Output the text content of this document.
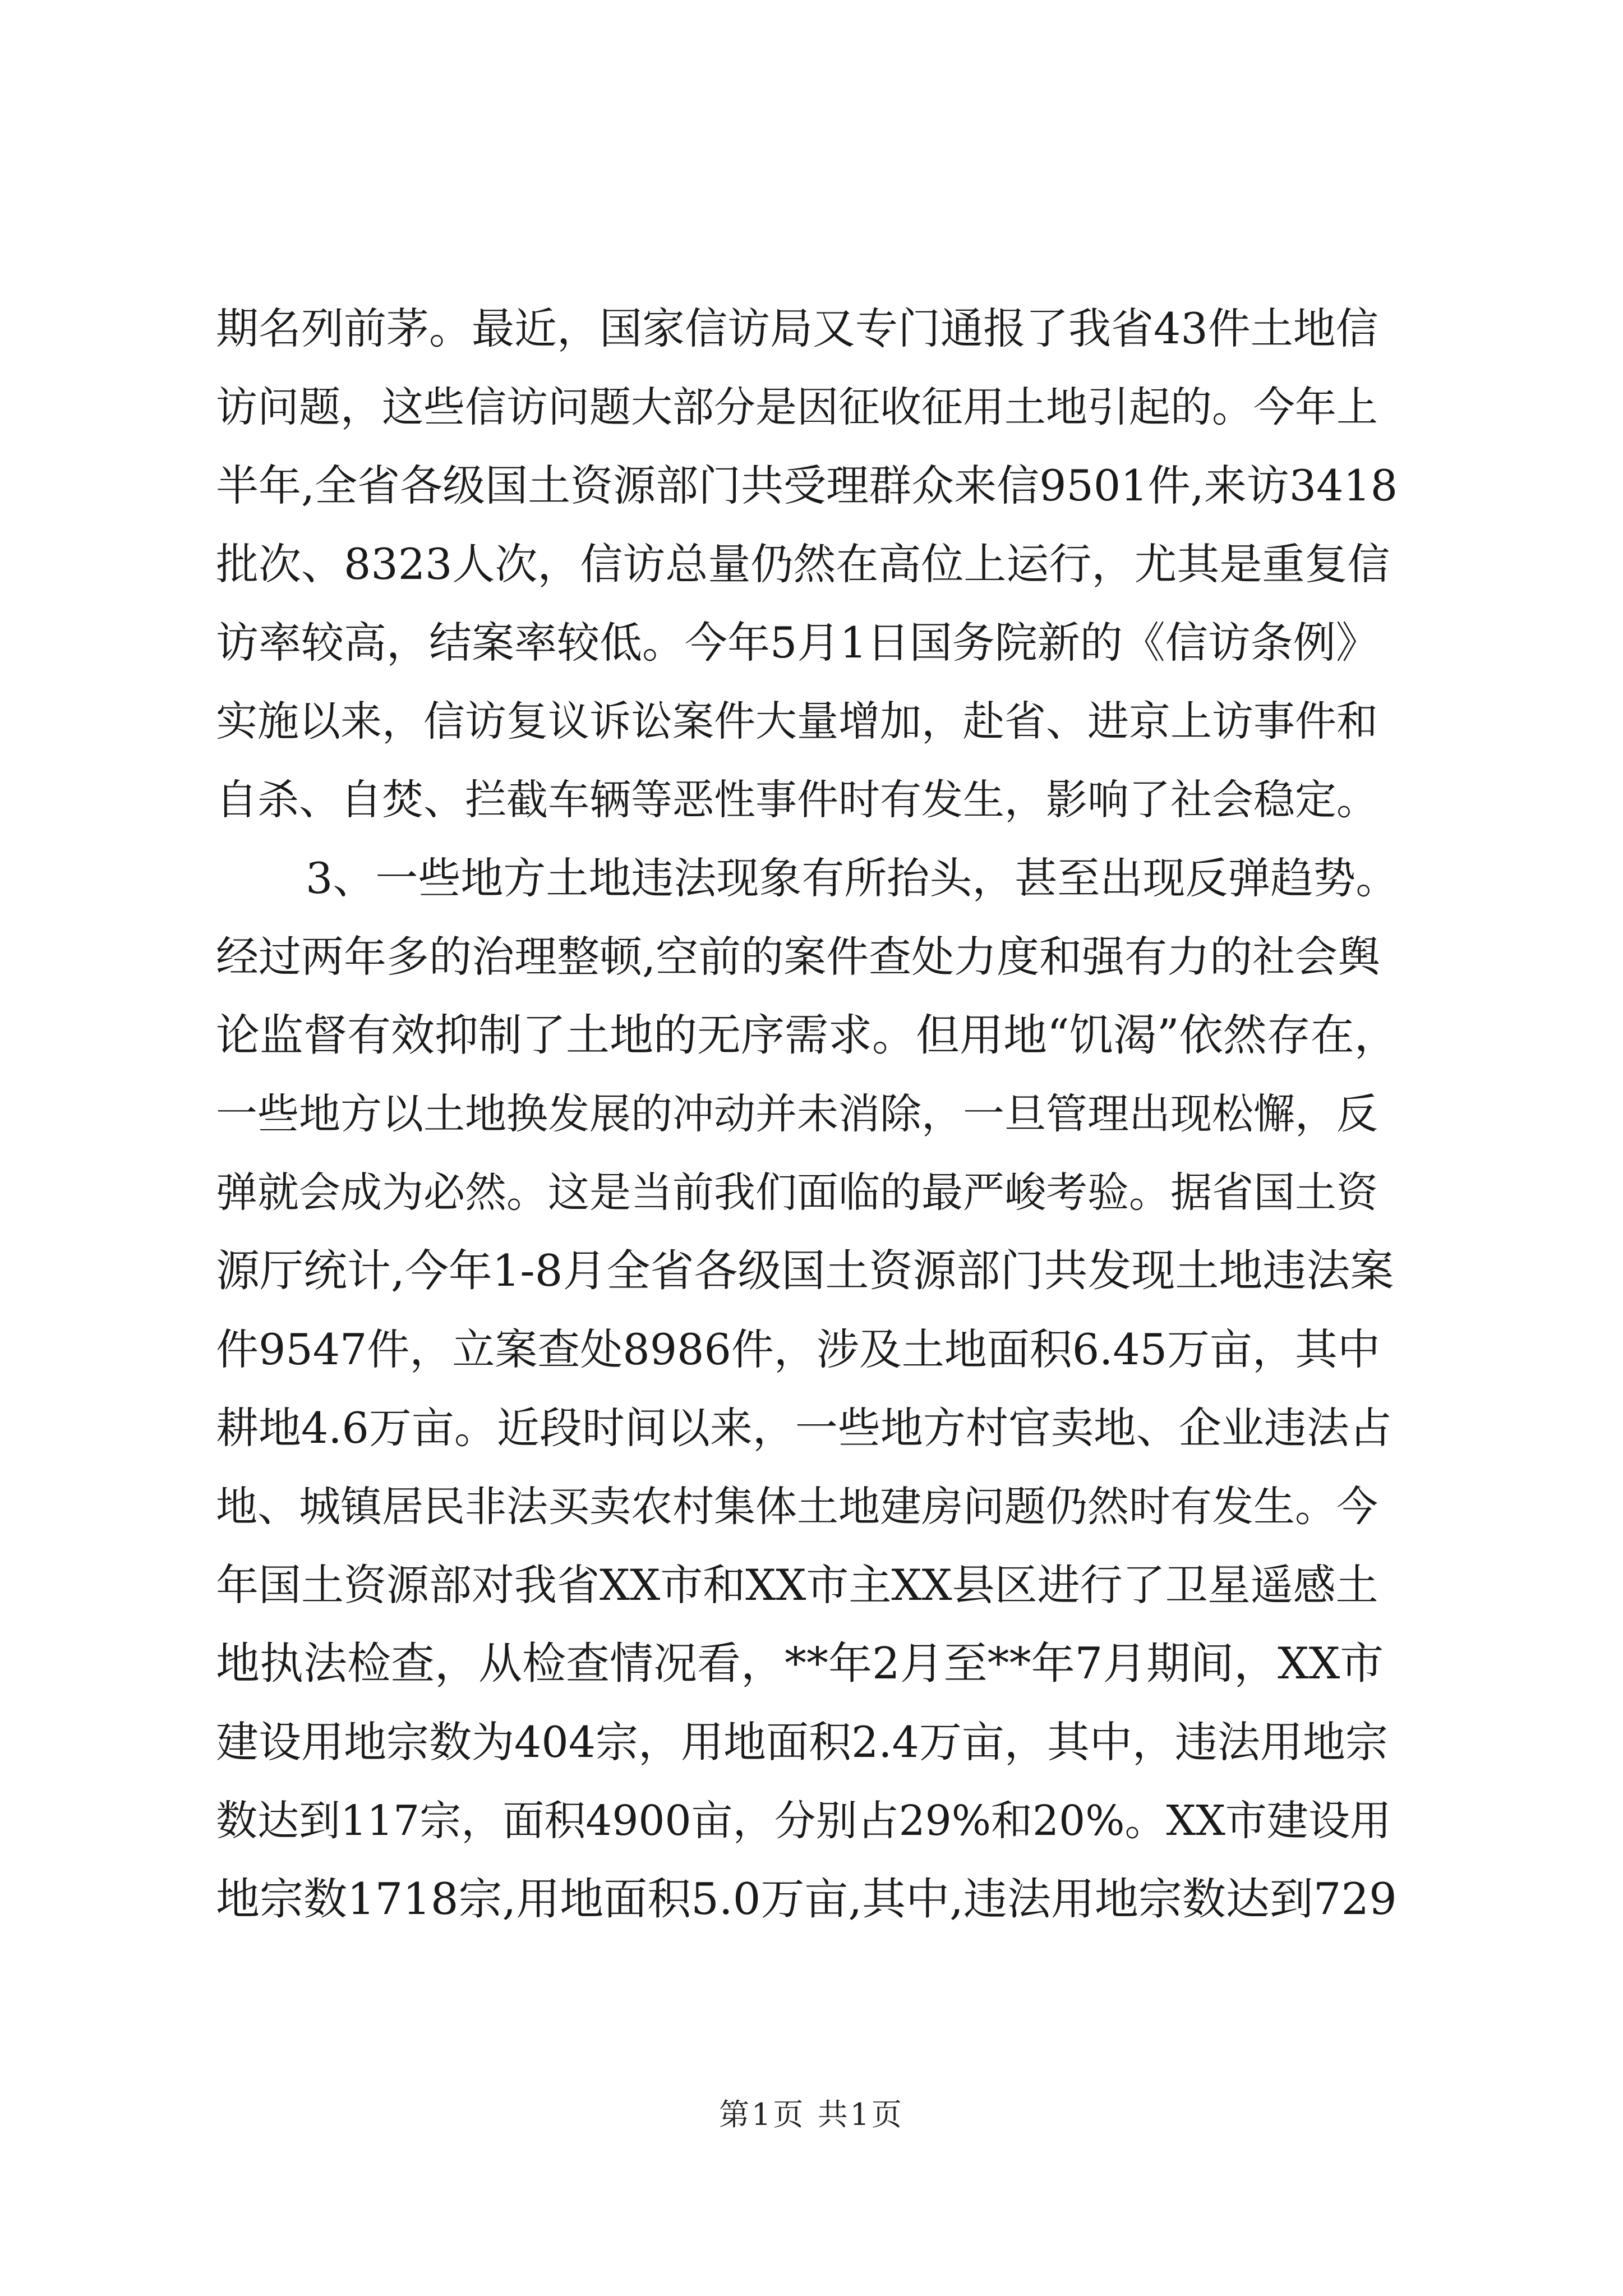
期名列前茅。最近，国家信访局又专门通报了我省43件土地信
访问题，这些信访问题大部分是因征收征用土地引起的。今年上
半年,全省各级国土资源部门共受理群众来信9501件,来访3418
批次、8323人次，信访总量仍然在高位上运行，尤其是重复信
访率较高，结案率较低。今年5月1日国务院新的《信访条例》
实施以来，信访复议诉讼案件大量增加，赴省、进京上访事件和
自杀、自焚、拦截车辆等恶性事件时有发生，影响了社会稳定。
3、一些地方土地违法现象有所抬头，甚至出现反弹趋势。
经过两年多的治理整顿,空前的案件查处力度和强有力的社会舆
论监督有效抑制了土地的无序需求。但用地“饥渴”依然存在，
一些地方以土地换发展的冲动并未消除，一旦管理出现松懈，反
弹就会成为必然。这是当前我们面临的最严峻考验。据省国土资
源厅统计,今年1-8月全省各级国土资源部门共发现土地违法案
件9547件，立案查处8986件，涉及土地面积6.45万亩，其中
耕地4.6万亩。近段时间以来，一些地方村官卖地、企业违法占
地、城镇居民非法买卖农村集体土地建房问题仍然时有发生。今
年国土资源部对我省XX市和XX市主XX县区进行了卫星遥感土
地执法检查，从检查情况看，**年2月至**年7月期间，XX市
建设用地宗数为404宗，用地面积2.4万亩，其中，违法用地宗
数达到117宗，面积4900亩，分别占29%和20%。XX市建设用
地宗数1718宗,用地面积5.0万亩,其中,违法用地宗数达到729
第1页 共1页
